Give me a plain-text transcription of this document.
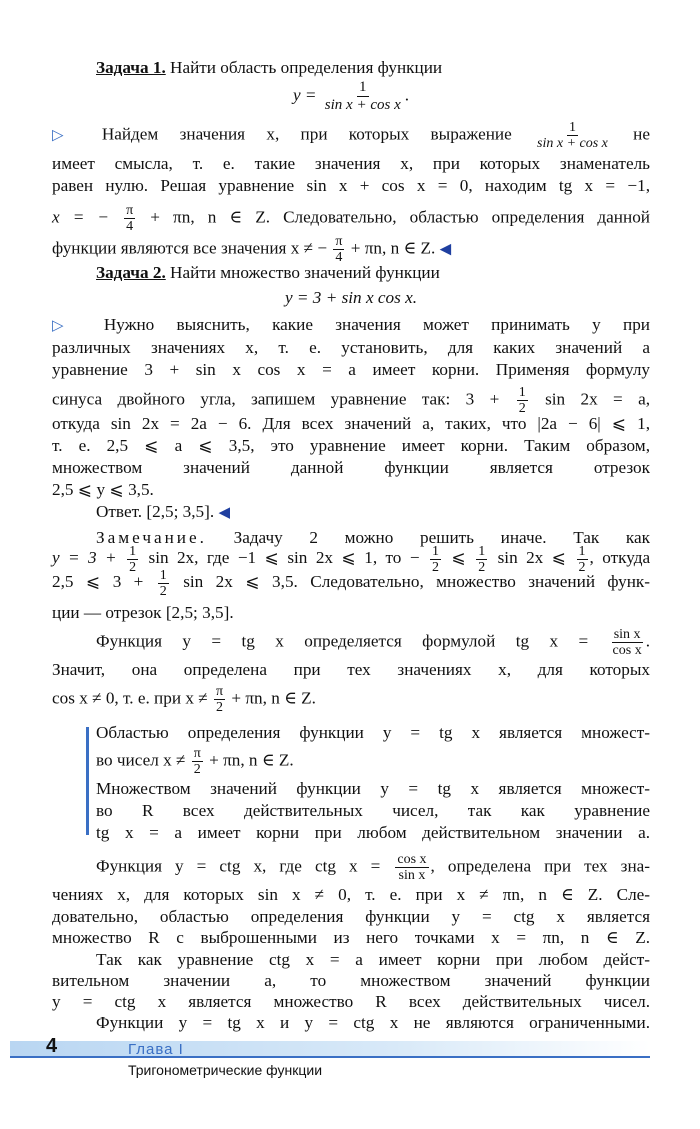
Задача 1. Найти область определения функции
$y = \frac{1}{\text{sin x + cos x}}$ .
▷ Найдем значения x, при которых выражение $\frac{1}{\text{sin x + cos x}}$ не
имеет смысла, т. е. такие значения x, при которых знаменатель
равен нулю. Решая уравнение sin x + cos x = 0, находим tg x = −1,
x = − $\frac{\pi}{4} + \pi n$, n ∈ Z. Следовательно, областью определения данной
функции являются все значения x ≠ − $\frac{\pi}{4} + \pi n$, n ∈ Z. ◀
Задача 2. Найти множество значений функции
y = 3 + sin x cos x.
▷ Нужно выяснить, какие значения может принимать y при
различных значениях x, т. е. установить, для каких значений a
уравнение 3 + sin x cos x = a имеет корни. Применяя формулу
синуса двойного угла, запишем уравнение так: $3 + \frac{1}{2}$ sin 2x = a,
откуда sin 2x = 2a − 6. Для всех значений a, таких, что |2a − 6| ⩽ 1,
т. е. 2,5 ⩽ a ⩽ 3,5, это уравнение имеет корни. Таким образом,
множеством значений данной функции является отрезок
2,5 ⩽ y ⩽ 3,5.
Ответ. [2,5; 3,5]. ◀
Замечание. Задачу 2 можно решить иначе. Так как
$y = 3 + \frac{1}{2}$ sin 2x, где −1 ⩽ sin 2x ⩽ 1, то − $\frac{1}{2}$ ⩽ $\frac{1}{2}$ sin 2x ⩽ $\frac{1}{2}$ , откуда
2,5 ⩽ $3 + \frac{1}{2}$ sin 2x ⩽ 3,5. Следовательно, множество значений функ-
ции — отрезок [2,5; 3,5].
Функция y = tg x определяется формулой tg $x = \frac{\text{sin x}}{\text{cos x}}$ .
Значит, она определена при тех значениях x, для которых
cos x ≠ 0, т. е. при $x \ne \frac{\pi}{2} + \pi n$, n ∈ Z.
Областью определения функции y = tg x является множест-
во чисел $x \ne \frac{\pi}{2} + \pi n$, n ∈ Z.
Множеством значений функции y = tg x является множест-
во R всех действительных чисел, так как уравнение
tg x = a имеет корни при любом действительном значении a.
Функция y = ctg x, где ctg $x = \frac{\text{cos x}}{\text{sin x}}$ , определена при тех зна-
чениях x, для которых sin x ≠ 0, т. е. при x ≠ πn, n ∈ Z. Сле-
довательно, областью определения функции y = ctg x является
множество R с выброшенными из него точками x = πn, n ∈ Z.
Так как уравнение ctg x = a имеет корни при любом дейст-
вительном значении a, то множеством значений функции
y = ctg x является множество R всех действительных чисел.
Функции y = tg x и y = ctg x не являются ограниченными.
4	Глава I
Тригонометрические функции
